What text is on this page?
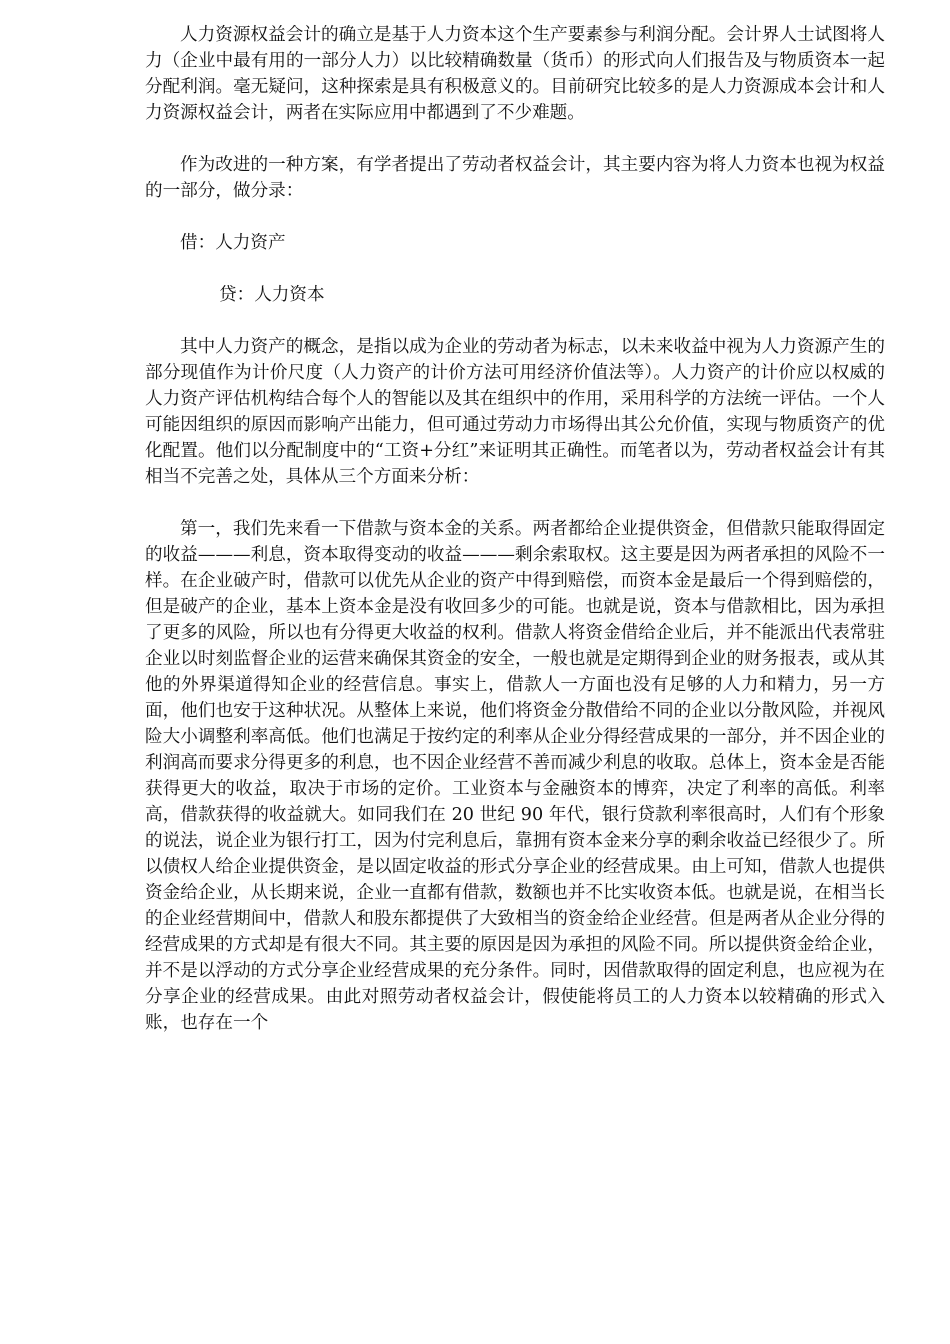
人力资源权益会计的确立是基于人力资本这个生产要素参与利润分配。会计界人士试图将人力（企业中最有用的一部分人力）以比较精确数量（货币）的形式向人们报告及与物质资本一起分配利润。毫无疑问，这种探索是具有积极意义的。目前研究比较多的是人力资源成本会计和人力资源权益会计，两者在实际应用中都遇到了不少难题。

作为改进的一种方案，有学者提出了劳动者权益会计，其主要内容为将人力资本也视为权益的一部分，做分录：

借：人力资产

贷：人力资本

其中人力资产的概念，是指以成为企业的劳动者为标志，以未来收益中视为人力资源产生的部分现值作为计价尺度（人力资产的计价方法可用经济价值法等）。人力资产的计价应以权威的人力资产评估机构结合每个人的智能以及其在组织中的作用，采用科学的方法统一评估。一个人可能因组织的原因而影响产出能力，但可通过劳动力市场得出其公允价值，实现与物质资产的优化配置。他们以分配制度中的“工资+分红”来证明其正确性。而笔者以为，劳动者权益会计有其相当不完善之处，具体从三个方面来分析：

第一，我们先来看一下借款与资本金的关系。两者都给企业提供资金，但借款只能取得固定的收益———利息，资本取得变动的收益———剩余索取权。这主要是因为两者承担的风险不一样。在企业破产时，借款可以优先从企业的资产中得到赔偿，而资本金是最后一个得到赔偿的，但是破产的企业，基本上资本金是没有收回多少的可能。也就是说，资本与借款相比，因为承担了更多的风险，所以也有分得更大收益的权利。借款人将资金借给企业后，并不能派出代表常驻企业以时刻监督企业的运营来确保其资金的安全，一般也就是定期得到企业的财务报表，或从其他的外界渠道得知企业的经营信息。事实上，借款人一方面也没有足够的人力和精力，另一方面，他们也安于这种状况。从整体上来说，他们将资金分散借给不同的企业以分散风险，并视风险大小调整利率高低。他们也满足于按约定的利率从企业分得经营成果的一部分，并不因企业的利润高而要求分得更多的利息，也不因企业经营不善而减少利息的收取。总体上，资本金是否能获得更大的收益，取决于市场的定价。工业资本与金融资本的博弈，决定了利率的高低。利率高，借款获得的收益就大。如同我们在 20 世纪 90 年代，银行贷款利率很高时，人们有个形象的说法，说企业为银行打工，因为付完利息后，靠拥有资本金来分享的剩余收益已经很少了。所以债权人给企业提供资金，是以固定收益的形式分享企业的经营成果。由上可知，借款人也提供资金给企业，从长期来说，企业一直都有借款，数额也并不比实收资本低。也就是说，在相当长的企业经营期间中，借款人和股东都提供了大致相当的资金给企业经营。但是两者从企业分得的经营成果的方式却是有很大不同。其主要的原因是因为承担的风险不同。所以提供资金给企业，并不是以浮动的方式分享企业经营成果的充分条件。同时，因借款取得的固定利息，也应视为在分享企业的经营成果。由此对照劳动者权益会计，假使能将员工的人力资本以较精确的形式入账，也存在一个
